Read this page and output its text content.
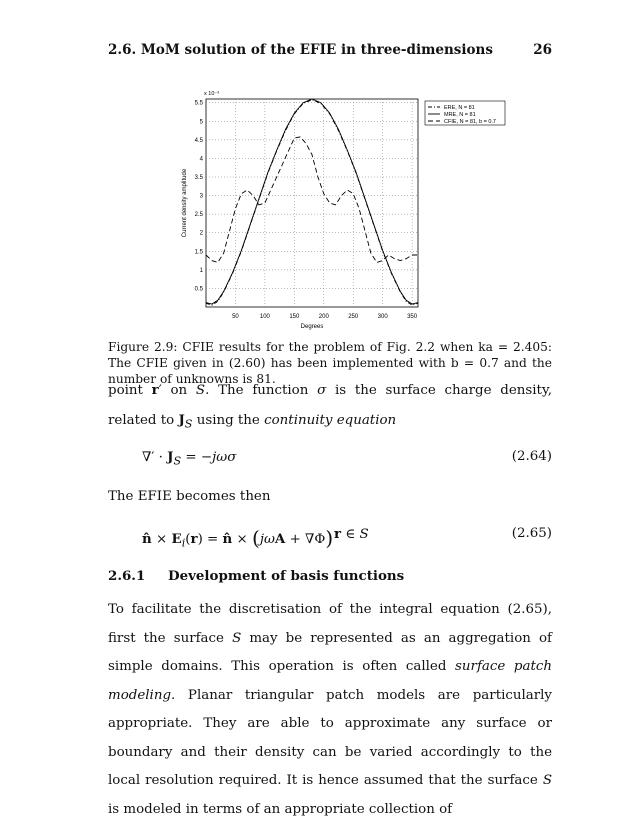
2.6. MoM solution of the EFIE in three-dimensions	26
50	100	150	200	250	300	350
0.5
1
1.5
2
2.5
3
3.5
4
4.5
5
5.5
x 10⁻³
Degrees
Current density amplitude
ERE, N = 81
MRE, N = 81
CFIE, N = 81, b = 0.7
Figure 2.9: CFIE results for the problem of Fig. 2.2 when ka = 2.405: The CFIE given in (2.60) has been implemented with b = 0.7 and the number of unknowns is 81.
point r′ on S. The function σ is the surface charge density, related to $J_S$ using the continuity equation
∇′ · $J_S = -j\omega\sigma$	(2.64)
The EFIE becomes then
n̂ × $E_i(r)$ = n̂ × (jωA + ∇Φ) r ∈ S	(2.65)
2.6.1 Development of basis functions
To facilitate the discretisation of the integral equation (2.65), first the surface S may be represented as an aggregation of simple domains. This operation is often called surface patch modeling. Planar triangular patch models are particularly appropriate. They are able to approximate any surface or boundary and their density can be varied accordingly to the local resolution required. It is hence assumed that the surface S is modeled in terms of an appropriate collection of
